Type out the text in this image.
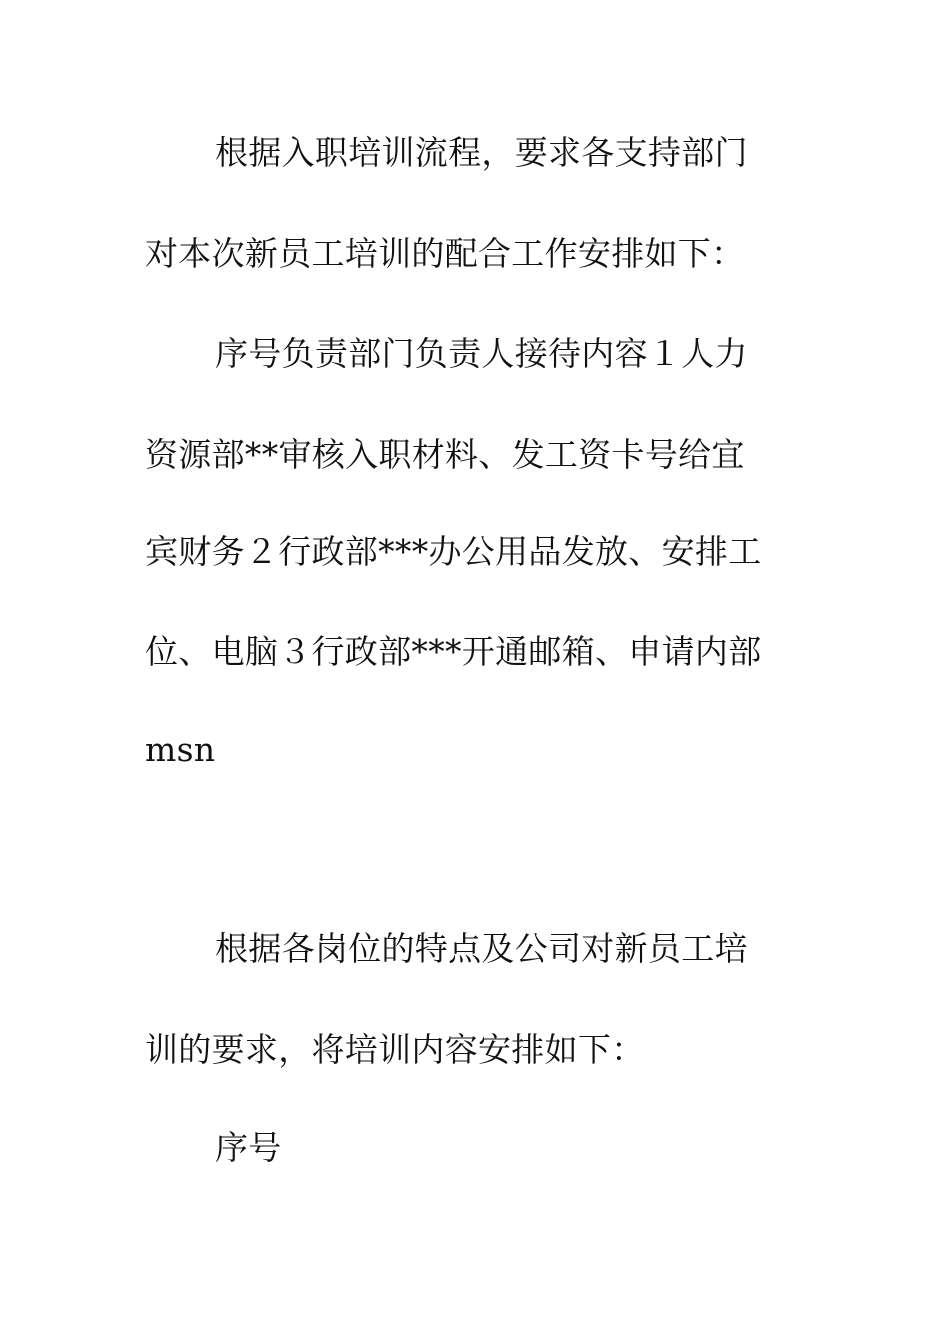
根据入职培训流程，要求各支持部门
对本次新员工培训的配合工作安排如下：
序号负责部门负责人接待内容１人力
资源部**审核入职材料、发工资卡号给宜
宾财务２行政部***办公用品发放、安排工
位、电脑３行政部***开通邮箱、申请内部
msn
根据各岗位的特点及公司对新员工培
训的要求，将培训内容安排如下：
序号
